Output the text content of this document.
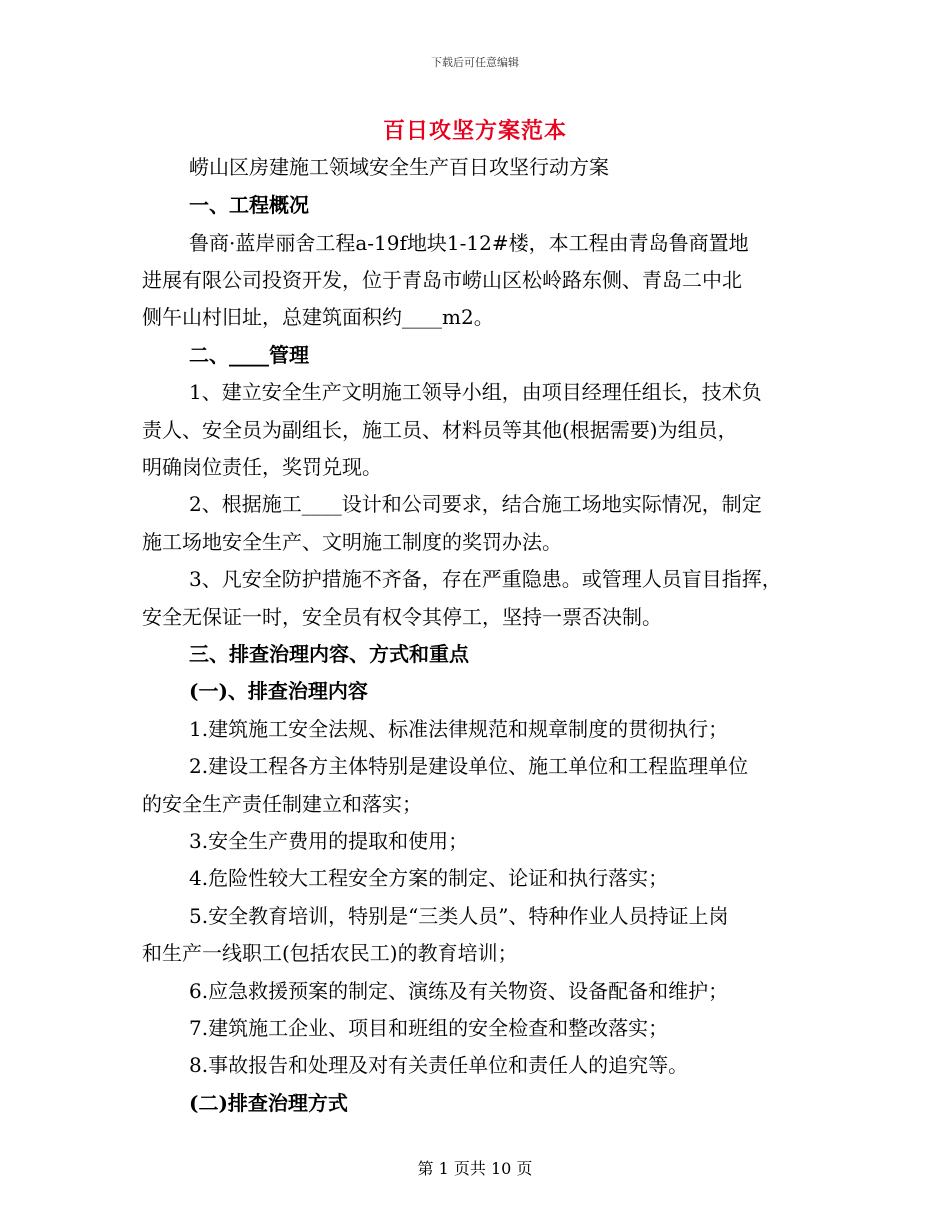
下载后可任意编辑
百日攻坚方案范本
崂山区房建施工领域安全生产百日攻坚行动方案
一、工程概况
鲁商·蓝岸丽舍工程a-19f地块1-12#楼，本工程由青岛鲁商置地
进展有限公司投资开发，位于青岛市崂山区松岭路东侧、青岛二中北
侧午山村旧址，总建筑面积约____m2。
二、____管理
1、建立安全生产文明施工领导小组，由项目经理任组长，技术负
责人、安全员为副组长，施工员、材料员等其他(根据需要)为组员，
明确岗位责任，奖罚兑现。
2、根据施工____设计和公司要求，结合施工场地实际情况，制定
施工场地安全生产、文明施工制度的奖罚办法。
3、凡安全防护措施不齐备，存在严重隐患。或管理人员盲目指挥，
安全无保证一时，安全员有权令其停工，坚持一票否决制。
三、排查治理内容、方式和重点
(一)、排查治理内容
1.建筑施工安全法规、标准法律规范和规章制度的贯彻执行；
2.建设工程各方主体特别是建设单位、施工单位和工程监理单位
的安全生产责任制建立和落实；
3.安全生产费用的提取和使用；
4.危险性较大工程安全方案的制定、论证和执行落实；
5.安全教育培训，特别是“三类人员”、特种作业人员持证上岗
和生产一线职工(包括农民工)的教育培训；
6.应急救援预案的制定、演练及有关物资、设备配备和维护；
7.建筑施工企业、项目和班组的安全检查和整改落实；
8.事故报告和处理及对有关责任单位和责任人的追究等。
(二)排查治理方式
第 1 页共 10 页
